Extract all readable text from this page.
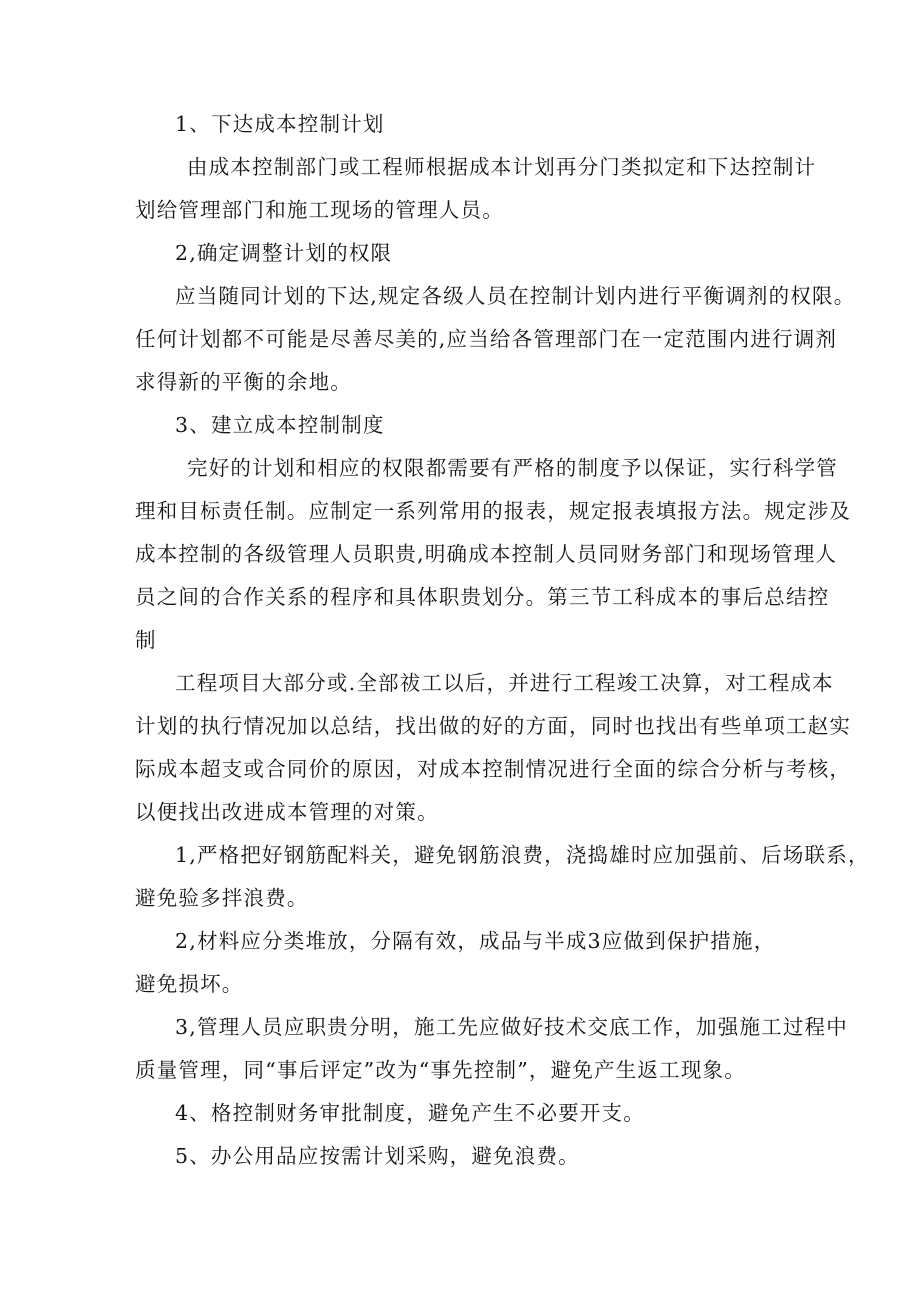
1、下达成本控制计划
由成本控制部门或工程师根据成本计划再分门类拟定和下达控制计
划给管理部门和施工现场的管理人员。
2,确定调整计划的权限
应当随同计划的下达,规定各级人员在控制计划内进行平衡调剂的权限。
任何计划都不可能是尽善尽美的,应当给各管理部门在一定范围内进行调剂
求得新的平衡的余地。
3、建立成本控制制度
完好的计划和相应的权限都需要有严格的制度予以保证，实行科学管
理和目标责任制。应制定一系列常用的报表，规定报表填报方法。规定涉及
成本控制的各级管理人员职贵,明确成本控制人员同财务部门和现场管理人
员之间的合作关系的程序和具体职贵划分。第三节工科成本的事后总结控
制
工程项目大部分或.全部祓工以后，并进行工程竣工决算，对工程成本
计划的执行情况加以总结，找出做的好的方面，同时也找出有些单项工赵实
际成本超支或合同价的原因，对成本控制情况进行全面的综合分析与考核，
以便找出改进成本管理的对策。
1,严格把好钢筋配料关，避免钢筋浪费，浇捣雄时应加强前、后场联系，
避免验多拌浪费。
2,材料应分类堆放，分隔有效，成品与半成3应做到保护措施，
避免损坏。
3,管理人员应职贵分明，施工先应做好技术交底工作，加强施工过程中
质量管理，同“事后评定”改为“事先控制”，避免产生返工现象。
4、格控制财务审批制度，避免产生不必要开支。
5、办公用品应按需计划采购，避免浪费。
